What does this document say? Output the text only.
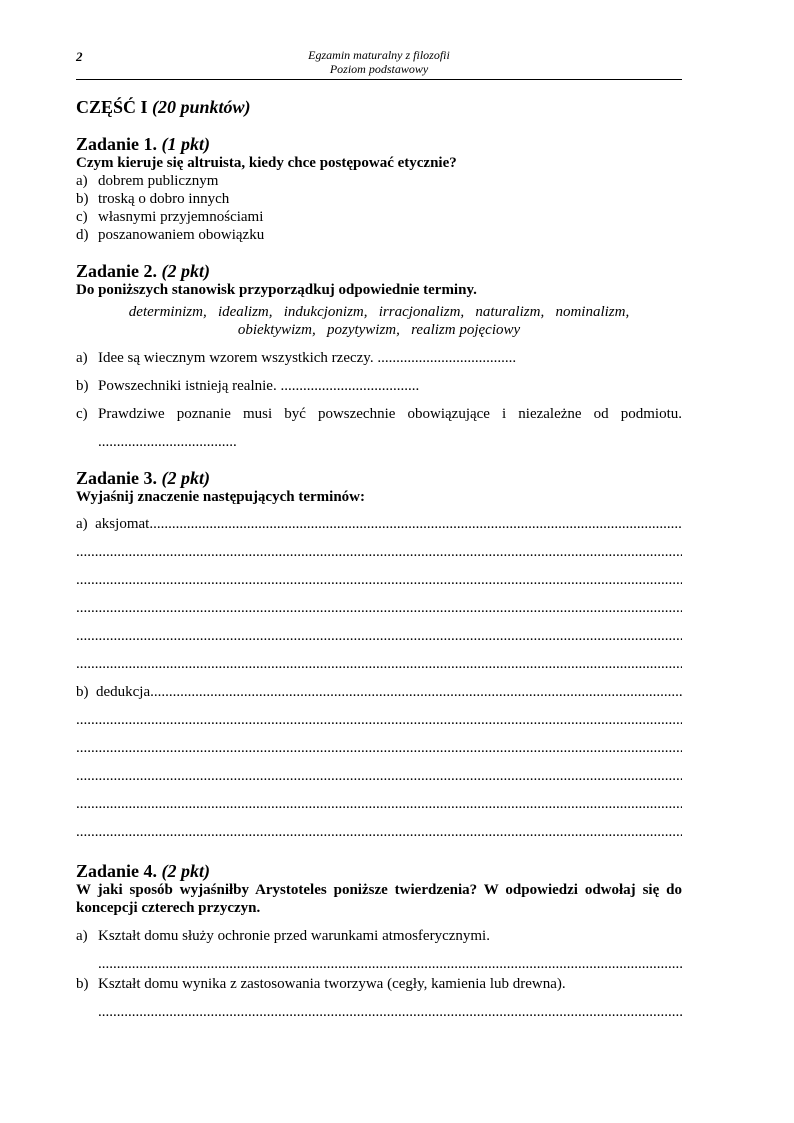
2	Egzamin maturalny z filozofii
Poziom podstawowy
CZĘŚĆ I (20 punktów)
Zadanie 1. (1 pkt)
Czym kieruje się altruista, kiedy chce postępować etycznie?
a) dobrem publicznym
b) troską o dobro innych
c) własnymi przyjemnościami
d) poszanowaniem obowiązku
Zadanie 2. (2 pkt)
Do poniższych stanowisk przyporządkuj odpowiednie terminy.
determinizm,   idealizm,   indukcjonizm,   irracjonalizm,   naturalizm,   nominalizm,
obiektywizm,   pozytywizm,   realizm pojęciowy
a) Idee są wiecznym wzorem wszystkich rzeczy. .....................................
b) Powszechniki istnieją realnie. .....................................
c) Prawdziwe poznanie musi być powszechnie obowiązujące i niezależne od podmiotu.
.....................................
Zadanie 3. (2 pkt)
Wyjaśnij znaczenie następujących terminów:
a)  aksjomat
.....
.....
.....
.....
.....
.....
b)  dedukcja
.....
.....
.....
.....
.....
.....
Zadanie 4. (2 pkt)
W jaki sposób wyjaśniłby Arystoteles poniższe twierdzenia? W odpowiedzi odwołaj się do koncepcji czterech przyczyn.
a) Kształt domu służy ochronie przed warunkami atmosferycznymi.
.....
b) Kształt domu wynika z zastosowania tworzywa (cegły, kamienia lub drewna).
.....
